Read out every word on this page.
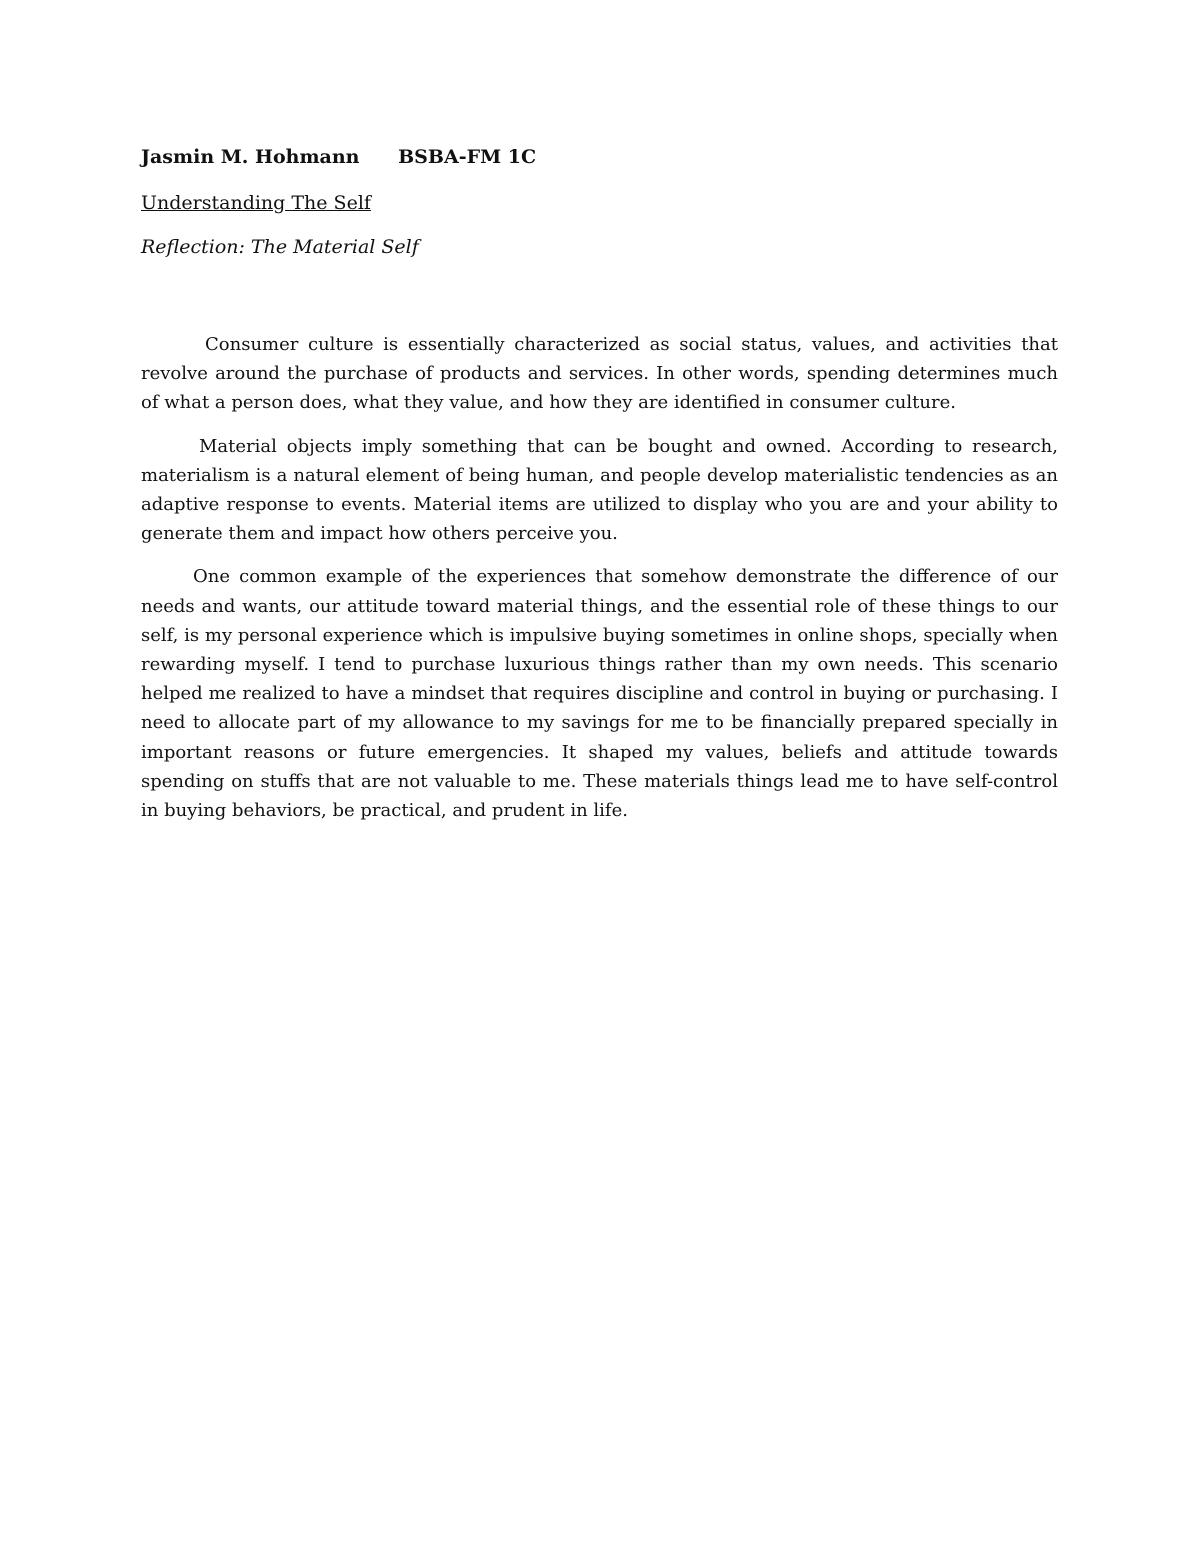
Jasmin M. Hohmann BSBA-FM 1C

Understanding The Self

Reflection: The Material Self

Consumer culture is essentially characterized as social status, values, and activities that revolve around the purchase of products and services. In other words, spending determines much of what a person does, what they value, and how they are identified in consumer culture.

Material objects imply something that can be bought and owned. According to research, materialism is a natural element of being human, and people develop materialistic tendencies as an adaptive response to events. Material items are utilized to display who you are and your ability to generate them and impact how others perceive you.

One common example of the experiences that somehow demonstrate the difference of our needs and wants, our attitude toward material things, and the essential role of these things to our self, is my personal experience which is impulsive buying sometimes in online shops, specially when rewarding myself. I tend to purchase luxurious things rather than my own needs. This scenario helped me realized to have a mindset that requires discipline and control in buying or purchasing. I need to allocate part of my allowance to my savings for me to be financially prepared specially in important reasons or future emergencies. It shaped my values, beliefs and attitude towards spending on stuffs that are not valuable to me. These materials things lead me to have self-control in buying behaviors, be practical, and prudent in life.
